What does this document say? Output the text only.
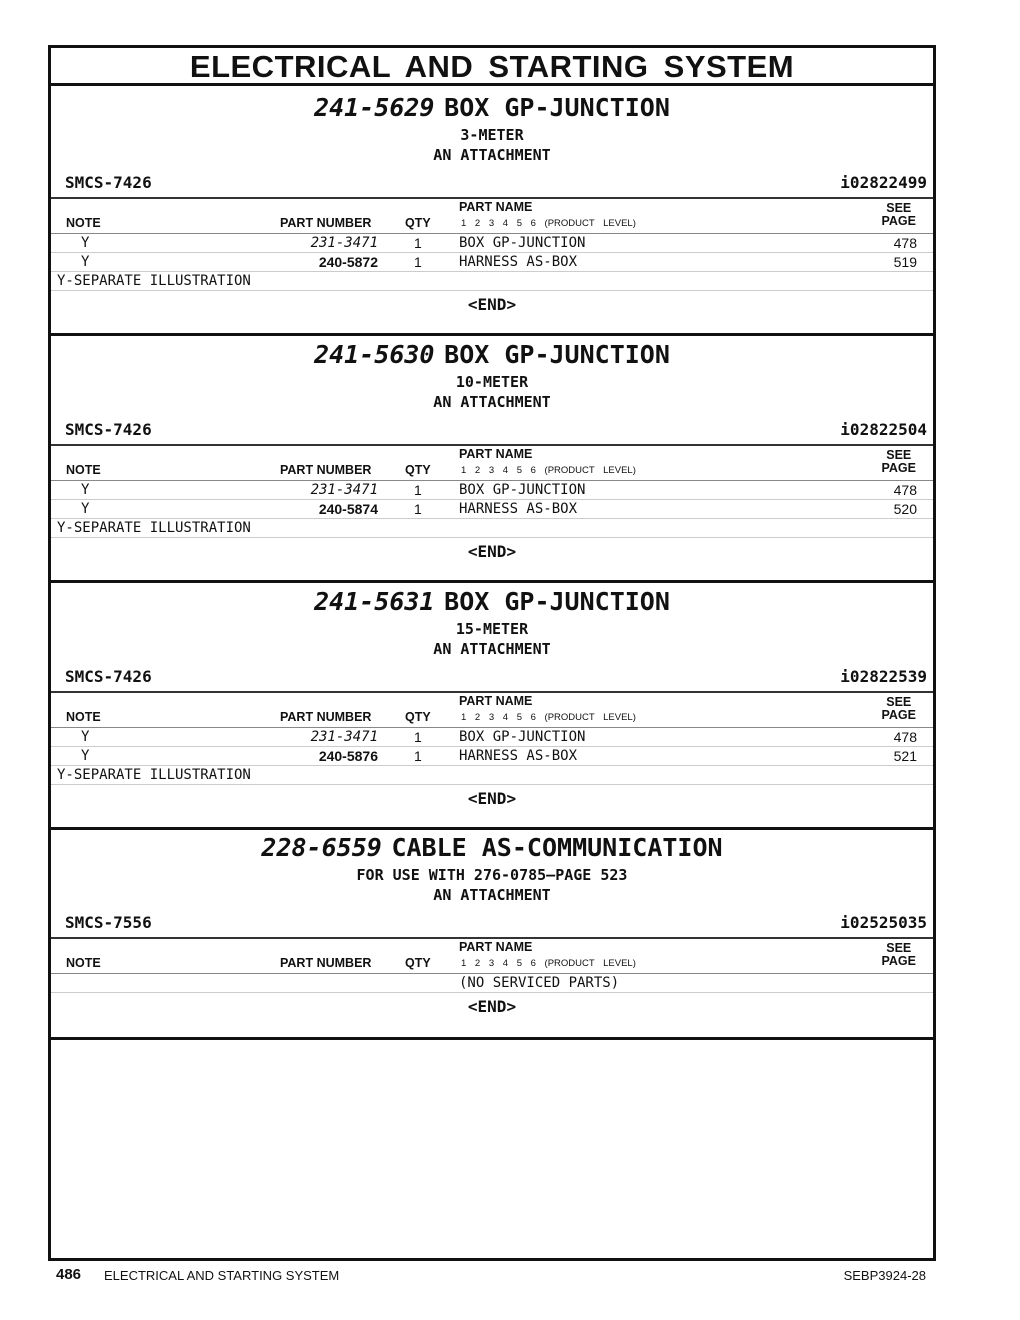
ELECTRICAL AND STARTING SYSTEM
241-5629 BOX GP-JUNCTION
3-METER
AN ATTACHMENT
SMCS-7426	i02822499
NOTE	PART NUMBER	QTY
PART NAME
1 2 3 4 5 6 (PRODUCT LEVEL)
SEE
PAGE
Y	231-3471	1	BOX GP-JUNCTION	478
Y	240-5872	1	HARNESS AS-BOX	519
Y-SEPARATE ILLUSTRATION
<END>
241-5630 BOX GP-JUNCTION
10-METER
AN ATTACHMENT
SMCS-7426	i02822504
NOTE	PART NUMBER	QTY
PART NAME
1 2 3 4 5 6 (PRODUCT LEVEL)
SEE
PAGE
Y	231-3471	1	BOX GP-JUNCTION	478
Y	240-5874	1	HARNESS AS-BOX	520
Y-SEPARATE ILLUSTRATION
<END>
241-5631 BOX GP-JUNCTION
15-METER
AN ATTACHMENT
SMCS-7426	i02822539
NOTE	PART NUMBER	QTY
PART NAME
1 2 3 4 5 6 (PRODUCT LEVEL)
SEE
PAGE
Y	231-3471	1	BOX GP-JUNCTION	478
Y	240-5876	1	HARNESS AS-BOX	521
Y-SEPARATE ILLUSTRATION
<END>
228-6559 CABLE AS-COMMUNICATION
FOR USE WITH 276-0785—PAGE 523
AN ATTACHMENT
SMCS-7556	i02525035
NOTE	PART NUMBER	QTY
PART NAME
1 2 3 4 5 6 (PRODUCT LEVEL)
SEE
PAGE
(NO SERVICED PARTS)
<END>
486 ELECTRICAL AND STARTING SYSTEM	SEBP3924-28
